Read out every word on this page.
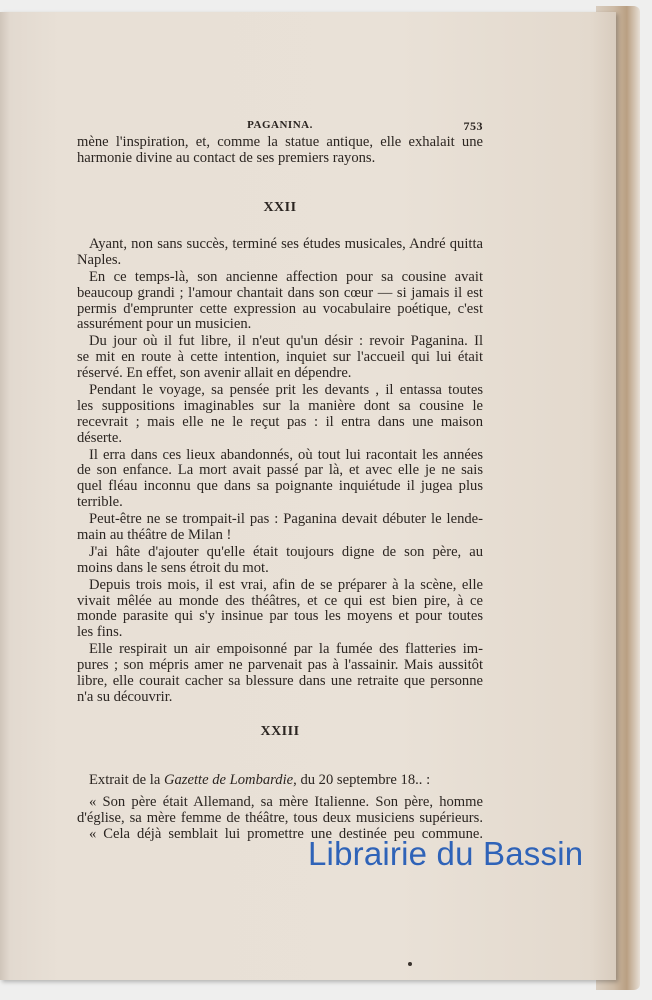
PAGANINA.	753
mène l'inspiration, et, comme la statue antique, elle exhalait une
harmonie divine au contact de ses premiers rayons.
XXII
Ayant, non sans succès, terminé ses études musicales, André quitta
Naples.
En ce temps-là, son ancienne affection pour sa cousine avait
beaucoup grandi ; l'amour chantait dans son cœur — si jamais il est
permis d'emprunter cette expression au vocabulaire poétique, c'est
assurément pour un musicien.
Du jour où il fut libre, il n'eut qu'un désir : revoir Paganina. Il
se mit en route à cette intention, inquiet sur l'accueil qui lui était
réservé. En effet, son avenir allait en dépendre.
Pendant le voyage, sa pensée prit les devants , il entassa toutes
les suppositions imaginables sur la manière dont sa cousine le
recevrait ; mais elle ne le reçut pas : il entra dans une maison
déserte.
Il erra dans ces lieux abandonnés, où tout lui racontait les années
de son enfance. La mort avait passé par là, et avec elle je ne sais
quel fléau inconnu que dans sa poignante inquiétude il jugea plus
terrible.
Peut-être ne se trompait-il pas : Paganina devait débuter le lende-
main au théâtre de Milan !
J'ai hâte d'ajouter qu'elle était toujours digne de son père, au
moins dans le sens étroit du mot.
Depuis trois mois, il est vrai, afin de se préparer à la scène, elle
vivait mêlée au monde des théâtres, et ce qui est bien pire, à ce
monde parasite qui s'y insinue par tous les moyens et pour toutes
les fins.
Elle respirait un air empoisonné par la fumée des flatteries im-
pures ; son mépris amer ne parvenait pas à l'assainir. Mais aussitôt
libre, elle courait cacher sa blessure dans une retraite que personne
n'a su découvrir.
XXIII
Extrait de la Gazette de Lombardie, du 20 septembre 18.. :
« Son père était Allemand, sa mère Italienne. Son père, homme
d'église, sa mère femme de théâtre, tous deux musiciens supérieurs.
« Cela déjà semblait lui promettre une destinée peu commune.
Librairie du Bassin
